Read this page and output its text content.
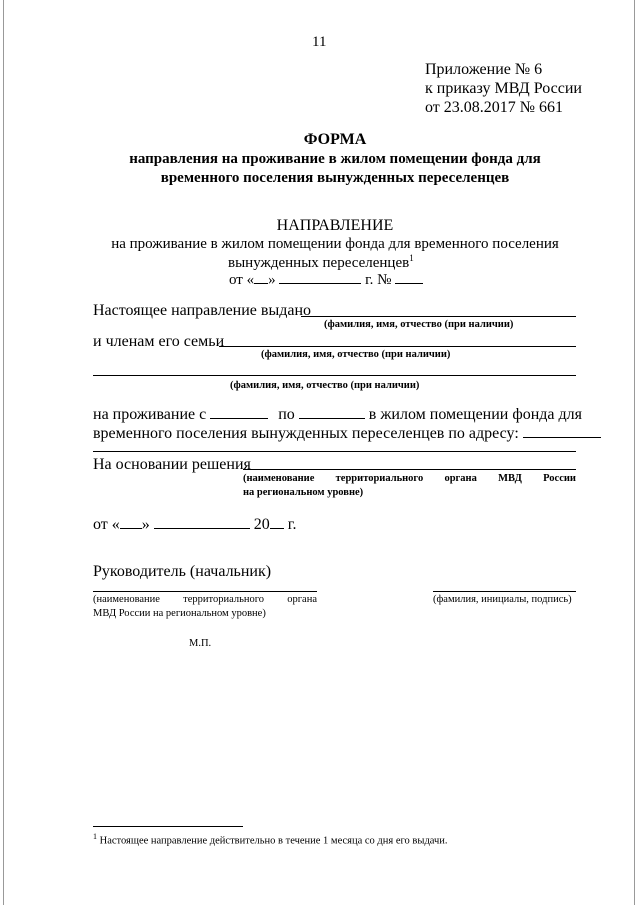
11
Приложение № 6
к приказу МВД России
от 23.08.2017 № 661
ФОРМА
направления на проживание в жилом помещении фонда для
временного поселения вынужденных переселенцев
НАПРАВЛЕНИЕ
на проживание в жилом помещении фонда для временного поселения
вынужденных переселенцев$^1$
от « »	г. №
Настоящее направление выдано
(фамилия, имя, отчество (при наличии)
и членам его семьи
(фамилия, имя, отчество (при наличии)
(фамилия, имя, отчество (при наличии)
на проживание с	по	в жилом помещении фонда для
временного поселения вынужденных переселенцев по адресу:
На основании решения
(наименование территориального органа МВД России
на региональном уровне)
от « »	20 г.
Руководитель (начальник)
(наименование территориального органа
МВД России на региональном уровне)
(фамилия, инициалы, подпись)
М.П.
$^1$ Настоящее направление действительно в течение 1 месяца со дня его выдачи.
